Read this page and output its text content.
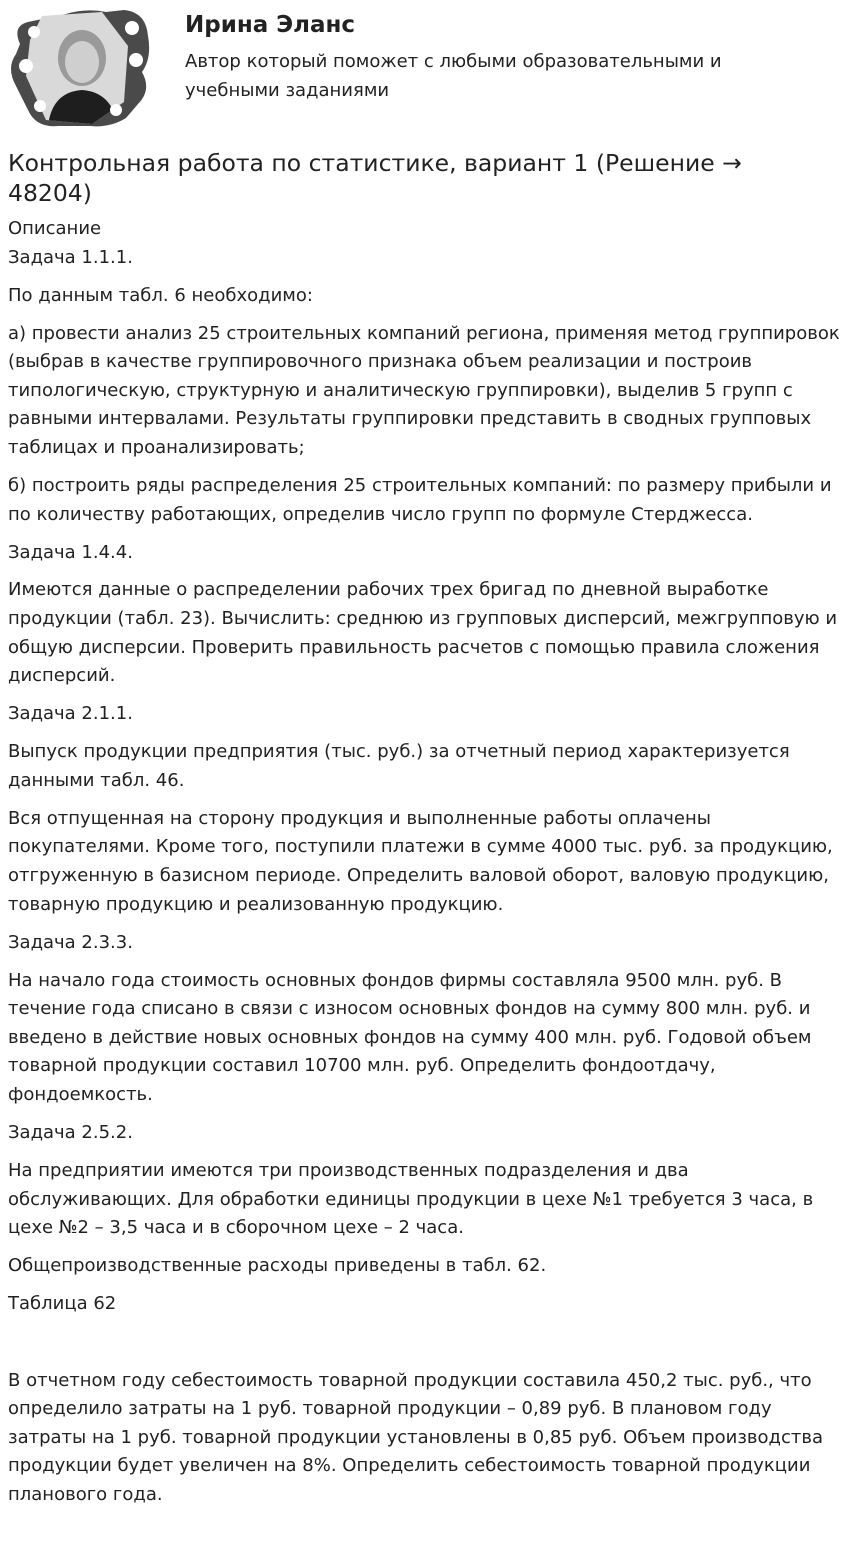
Ирина Эланс
Автор который поможет с любыми образовательными и учебными заданиями
Контрольная работа по статистике, вариант 1 (Решение → 48204)
Описание
Задача 1.1.1.
По данным табл. 6 необходимо:
а) провести анализ 25 строительных компаний региона, применяя метод группировок (выбрав в качестве группировочного признака объем реализации и построив типологическую, структурную и аналитическую группировки), выделив 5 групп с равными интервалами. Результаты группировки представить в сводных групповых таблицах и проанализировать;
б) построить ряды распределения 25 строительных компаний: по размеру прибыли и по количеству работающих, определив число групп по формуле Стерджесса.
Задача 1.4.4.
Имеются данные о распределении рабочих трех бригад по дневной выработке продукции (табл. 23). Вычислить: среднюю из групповых дисперсий, межгрупповую и общую дисперсии. Проверить правильность расчетов с помощью правила сложения дисперсий.
Задача 2.1.1.
Выпуск продукции предприятия (тыс. руб.) за отчетный период характеризуется данными табл. 46.
Вся отпущенная на сторону продукция и выполненные работы оплачены покупателями. Кроме того, поступили платежи в сумме 4000 тыс. руб. за продукцию, отгруженную в базисном периоде. Определить валовой оборот, валовую продукцию, товарную продукцию и реализованную продукцию.
Задача 2.3.3.
На начало года стоимость основных фондов фирмы составляла 9500 млн. руб. В течение года списано в связи с износом основных фондов на сумму 800 млн. руб. и введено в действие новых основных фондов на сумму 400 млн. руб. Годовой объем товарной продукции составил 10700 млн. руб. Определить фондоотдачу, фондоемкость.
Задача 2.5.2.
На предприятии имеются три производственных подразделения и два обслуживающих. Для обработки единицы продукции в цехе №1 требуется 3 часа, в цехе №2 – 3,5 часа и в сборочном цехе – 2 часа.
Общепроизводственные расходы приведены в табл. 62.
Таблица 62
В отчетном году себестоимость товарной продукции составила 450,2 тыс. руб., что определило затраты на 1 руб. товарной продукции – 0,89 руб. В плановом году затраты на 1 руб. товарной продукции установлены в 0,85 руб. Объем производства продукции будет увеличен на 8%. Определить себестоимость товарной продукции планового года.
